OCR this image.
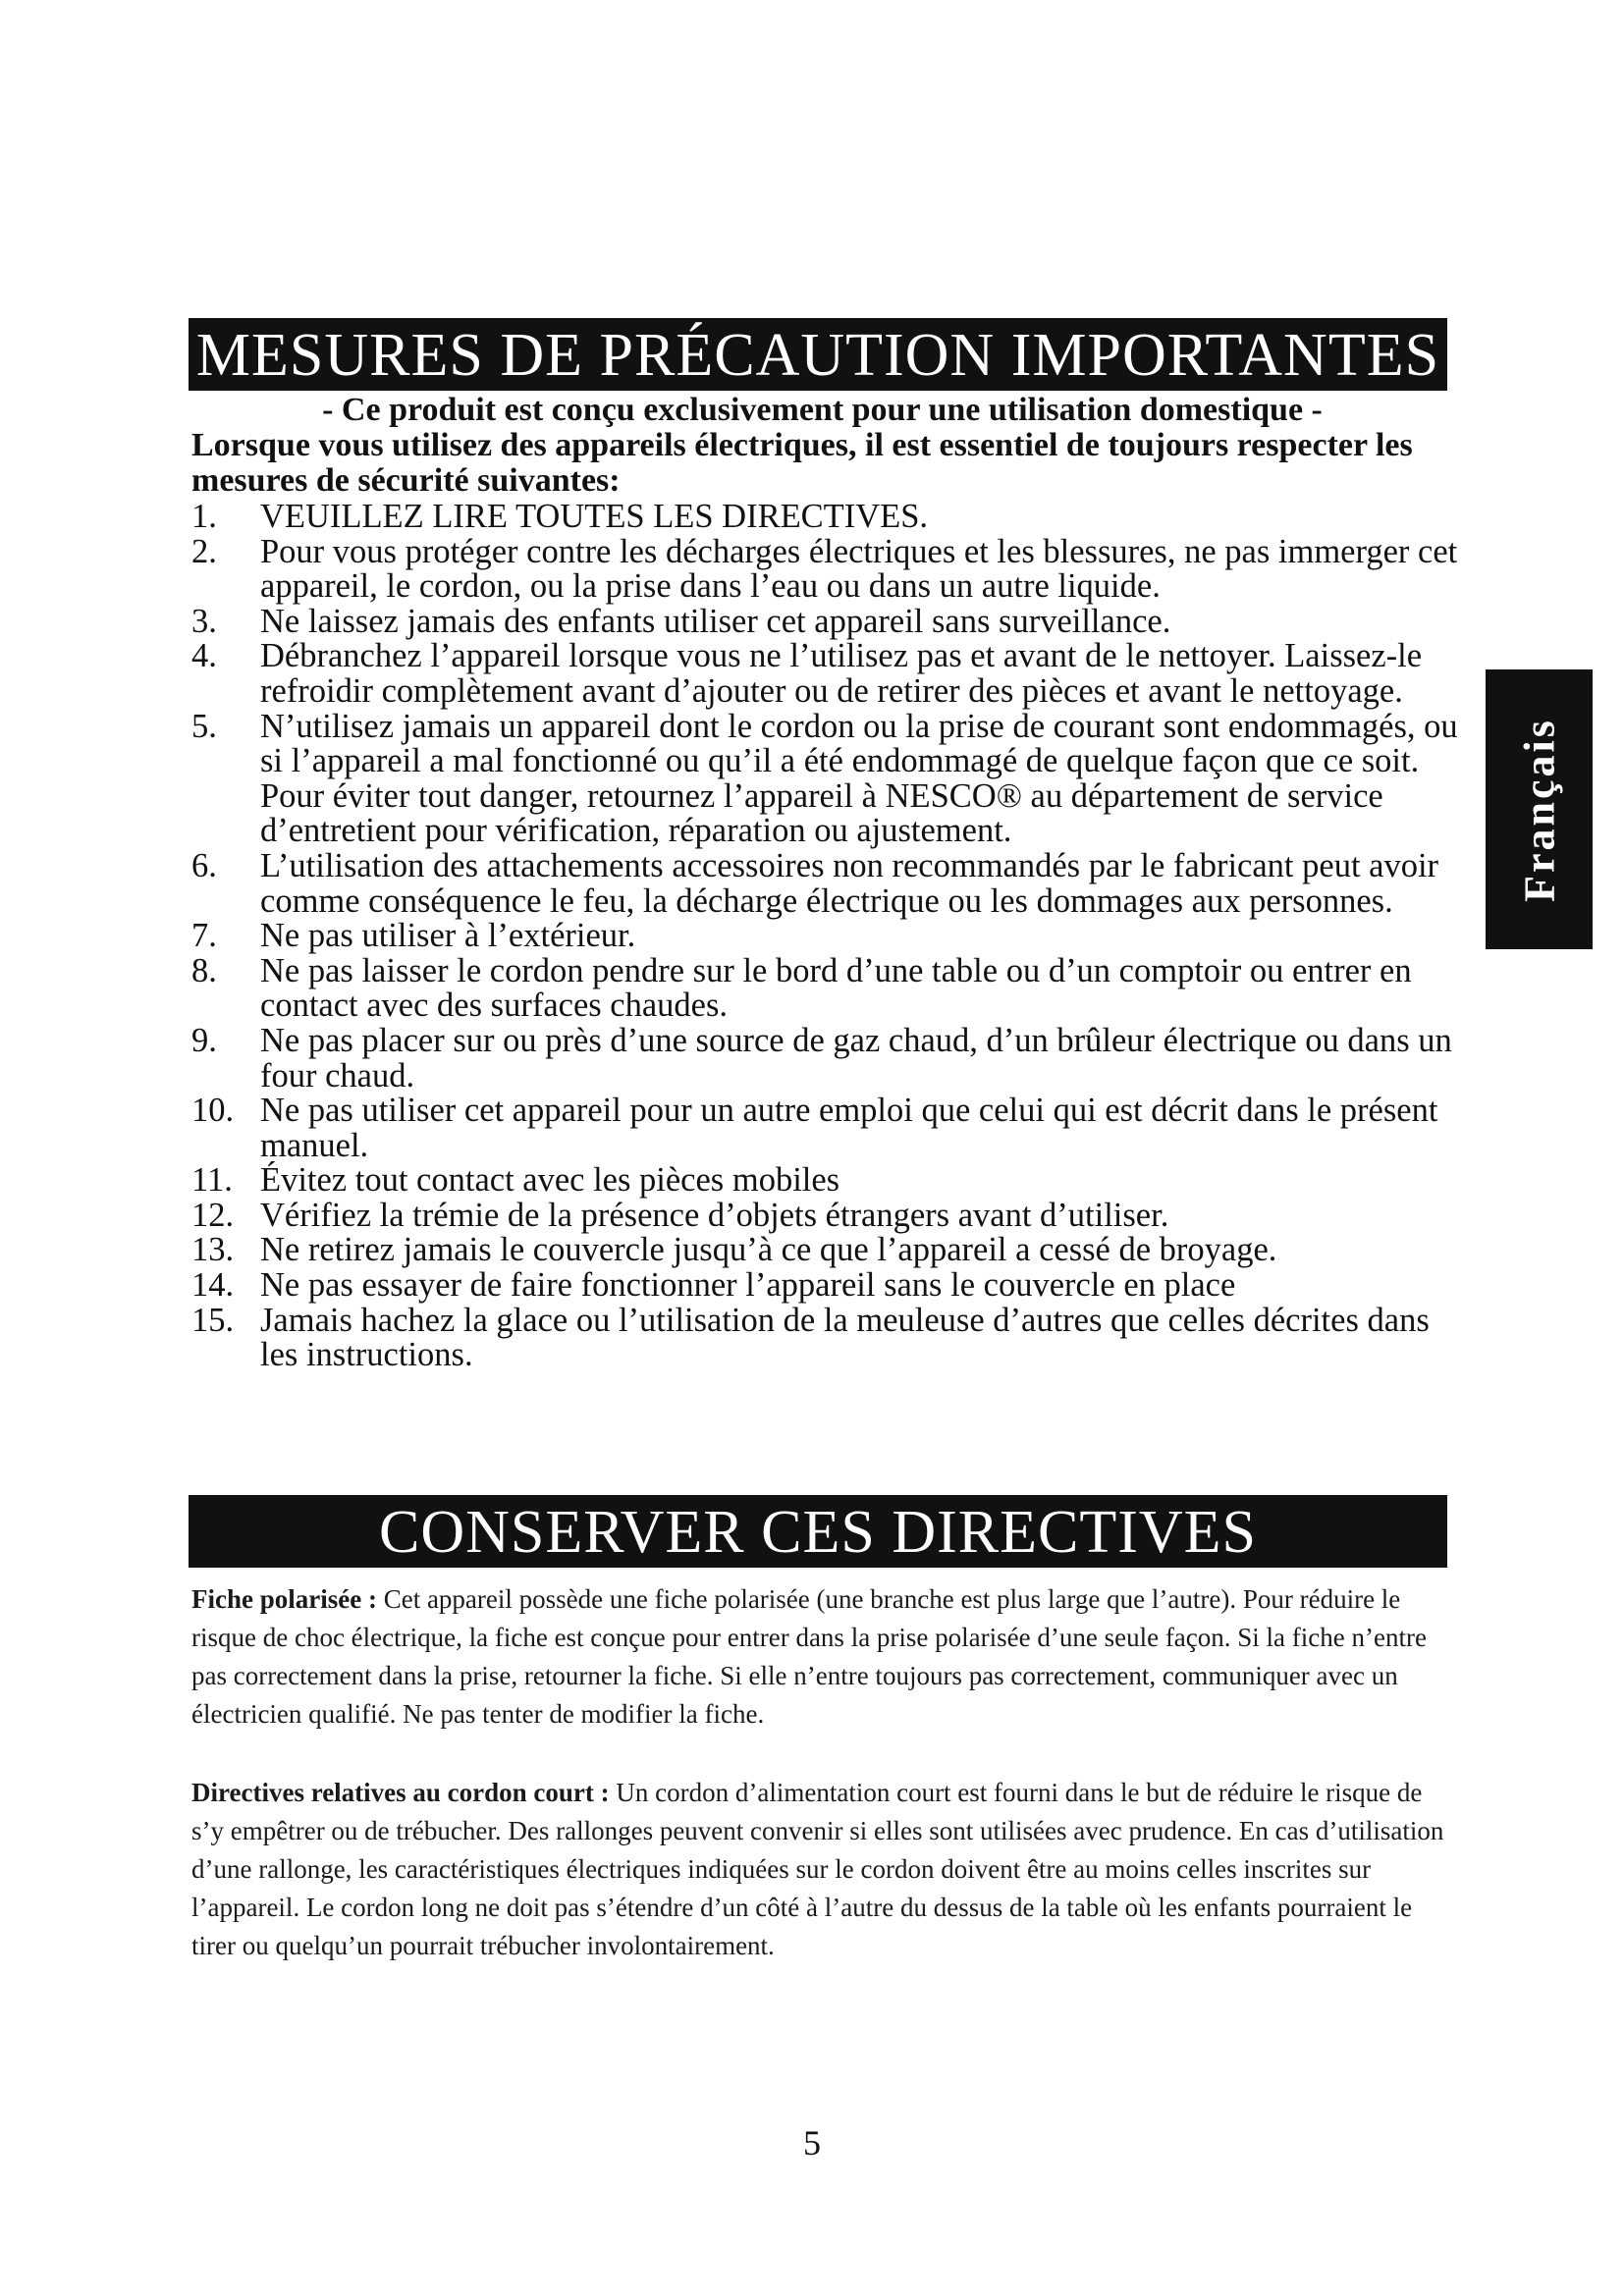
MESURES DE PRÉCAUTION IMPORTANTES
- Ce produit est conçu exclusivement pour une utilisation domestique -
Lorsque vous utilisez des appareils électriques, il est essentiel de toujours respecter les mesures de sécurité suivantes:
1.	VEUILLEZ LIRE TOUTES LES DIRECTIVES.
2.	Pour vous protéger contre les décharges électriques et les blessures, ne pas immerger cet appareil, le cordon, ou la prise dans l’eau ou dans un autre liquide.
3.	Ne laissez jamais des enfants utiliser cet appareil sans surveillance.
4.	Débranchez l’appareil lorsque vous ne l’utilisez pas et avant de le nettoyer. Laissez-le refroidir complètement avant d’ajouter ou de retirer des pièces et avant le nettoyage.
5.	N’utilisez jamais un appareil dont le cordon ou la prise de courant sont endommagés, ou si l’appareil a mal fonctionné ou qu’il a été endommagé de quelque façon que ce soit. Pour éviter tout danger, retournez l’appareil à NESCO® au département de service d’entretient pour vérification, réparation ou ajustement.
6.	L’utilisation des attachements accessoires non recommandés par le fabricant peut avoir comme conséquence le feu, la décharge électrique ou les dommages aux personnes.
7.	Ne pas utiliser à l’extérieur.
8.	Ne pas laisser le cordon pendre sur le bord d’une table ou d’un comptoir ou entrer en contact avec des surfaces chaudes.
9.	Ne pas placer sur ou près d’une source de gaz chaud, d’un brûleur électrique ou dans un four chaud.
10. Ne pas utiliser cet appareil pour un autre emploi que celui qui est décrit dans le présent manuel.
11. Évitez tout contact avec les pièces mobiles
12. Vérifiez la trémie de la présence d’objets étrangers avant d’utiliser.
13. Ne retirez jamais le couvercle jusqu’à ce que l’appareil a cessé de broyage.
14. Ne pas essayer de faire fonctionner l’appareil sans le couvercle en place
15. Jamais hachez la glace ou l’utilisation de la meuleuse d’autres que celles décrites dans les instructions.
Français
CONSERVER CES DIRECTIVES
Fiche polarisée : Cet appareil possède une fiche polarisée (une branche est plus large que l’autre). Pour réduire le risque de choc électrique, la fiche est conçue pour entrer dans la prise polarisée d’une seule façon. Si la fiche n’entre pas correctement dans la prise, retourner la fiche. Si elle n’entre toujours pas correctement, communiquer avec un électricien qualifié. Ne pas tenter de modifier la fiche.
Directives relatives au cordon court : Un cordon d’alimentation court est fourni dans le but de réduire le risque de s’y empêtrer ou de trébucher. Des rallonges peuvent convenir si elles sont utilisées avec prudence. En cas d’utilisation d’une rallonge, les caractéristiques électriques indiquées sur le cordon doivent être au moins celles inscrites sur l’appareil. Le cordon long ne doit pas s’étendre d’un côté à l’autre du dessus de la table où les enfants pourraient le tirer ou quelqu’un pourrait trébucher involontairement.
5
